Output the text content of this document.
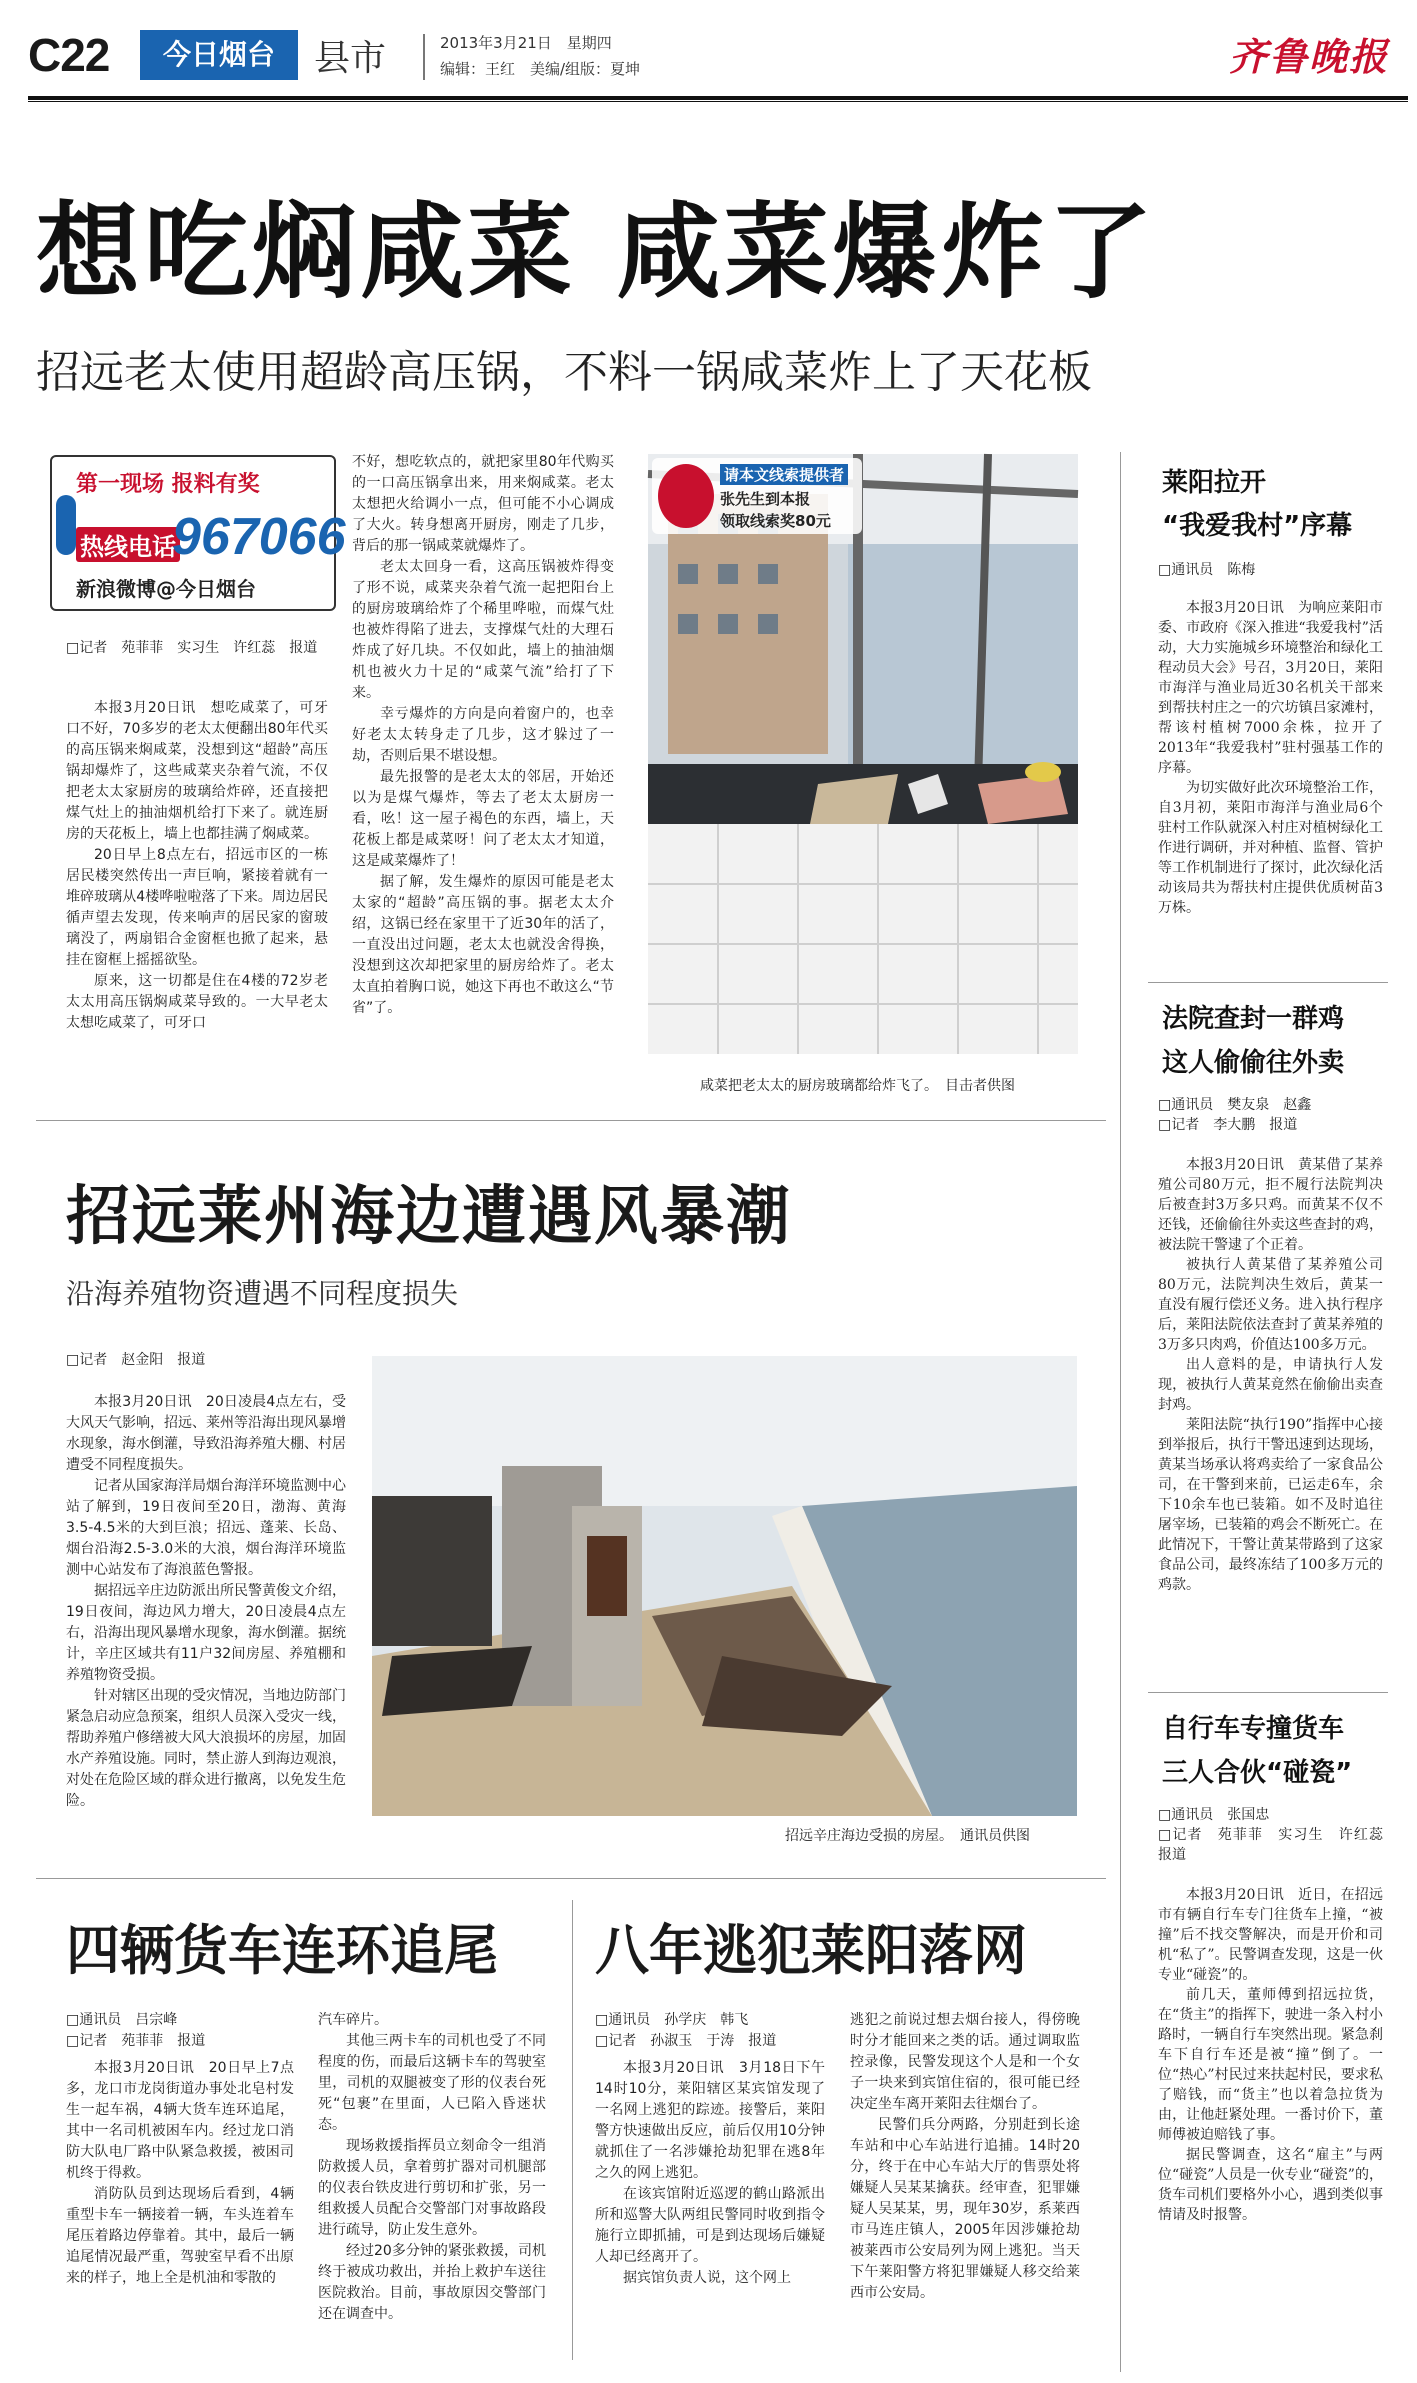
C22	今日烟台	县市	2013年3月21日　星期四
编辑：王红　美编/组版：夏坤	齐鲁晚报
想吃焖咸菜 咸菜爆炸了
招远老太使用超龄高压锅，不料一锅咸菜炸上了天花板
第一现场 报料有奖
热线电话
967066
新浪微博@今日烟台
□记者　苑菲菲　实习生　许红蕊　报道

本报3月20日讯　想吃咸菜了，可牙口不好，70多岁的老太太便翻出80年代买的高压锅来焖咸菜，没想到这“超龄”高压锅却爆炸了，这些咸菜夹杂着气流，不仅把老太太家厨房的玻璃给炸碎，还直接把煤气灶上的抽油烟机给打下来了。就连厨房的天花板上，墙上也都挂满了焖咸菜。

20日早上8点左右，招远市区的一栋居民楼突然传出一声巨响，紧接着就有一堆碎玻璃从4楼哗啦啦落了下来。周边居民循声望去发现，传来响声的居民家的窗玻璃没了，两扇铝合金窗框也掀了起来，悬挂在窗框上摇摇欲坠。

原来，这一切都是住在4楼的72岁老太太用高压锅焖咸菜导致的。一大早老太太想吃咸菜了，可牙口

不好，想吃软点的，就把家里80年代购买的一口高压锅拿出来，用来焖咸菜。老太太想把火给调小一点，但可能不小心调成了大火。转身想离开厨房，刚走了几步，背后的那一锅咸菜就爆炸了。

老太太回身一看，这高压锅被炸得变了形不说，咸菜夹杂着气流一起把阳台上的厨房玻璃给炸了个稀里哗啦，而煤气灶也被炸得陷了进去，支撑煤气灶的大理石炸成了好几块。不仅如此，墙上的抽油烟机也被火力十足的“咸菜气流”给打了下来。

幸亏爆炸的方向是向着窗户的，也幸好老太太转身走了几步，这才躲过了一劫，否则后果不堪设想。

最先报警的是老太太的邻居，开始还以为是煤气爆炸，等去了老太太厨房一看，吆！这一屋子褐色的东西，墙上，天花板上都是咸菜呀！问了老太太才知道，这是咸菜爆炸了！

据了解，发生爆炸的原因可能是老太太家的“超龄”高压锅的事。据老太太介绍，这锅已经在家里干了近30年的活了，一直没出过问题，老太太也就没舍得换，没想到这次却把家里的厨房给炸了。老太太直拍着胸口说，她这下再也不敢这么“节省”了。

请本文线索提供者
张先生到本报
领取线索奖80元
咸菜把老太太的厨房玻璃都给炸飞了。　目击者供图
招远莱州海边遭遇风暴潮
沿海养殖物资遭遇不同程度损失
□记者　赵金阳　报道

本报3月20日讯　20日凌晨4点左右，受大风天气影响，招远、莱州等沿海出现风暴增水现象，海水倒灌，导致沿海养殖大棚、村居遭受不同程度损失。

记者从国家海洋局烟台海洋环境监测中心站了解到，19日夜间至20日，渤海、黄海3.5-4.5米的大到巨浪；招远、蓬莱、长岛、烟台沿海2.5-3.0米的大浪，烟台海洋环境监测中心站发布了海浪蓝色警报。

据招远辛庄边防派出所民警黄俊文介绍，19日夜间，海边风力增大，20日凌晨4点左右，沿海出现风暴增水现象，海水倒灌。据统计，辛庄区域共有11户32间房屋、养殖棚和养殖物资受损。

针对辖区出现的受灾情况，当地边防部门紧急启动应急预案，组织人员深入受灾一线，帮助养殖户修缮被大风大浪损坏的房屋，加固水产养殖设施。同时，禁止游人到海边观浪，对处在危险区域的群众进行撤离，以免发生危险。

招远辛庄海边受损的房屋。　通讯员供图
四辆货车连环追尾
□通讯员　吕宗峰
□记者　苑菲菲　报道

本报3月20日讯　20日早上7点多，龙口市龙岗街道办事处北皂村发生一起车祸，4辆大货车连环追尾，其中一名司机被困车内。经过龙口消防大队电厂路中队紧急救援，被困司机终于得救。

消防队员到达现场后看到，4辆重型卡车一辆接着一辆，车头连着车尾压着路边停靠着。其中，最后一辆追尾情况最严重，驾驶室早看不出原来的样子，地上全是机油和零散的

汽车碎片。

其他三两卡车的司机也受了不同程度的伤，而最后这辆卡车的驾驶室里，司机的双腿被变了形的仪表台死死“包裹”在里面，人已陷入昏迷状态。

现场救援指挥员立刻命令一组消防救援人员，拿着剪扩器对司机腿部的仪表台铁皮进行剪切和扩张，另一组救援人员配合交警部门对事故路段进行疏导，防止发生意外。

经过20多分钟的紧张救援，司机终于被成功救出，并抬上救护车送往医院救治。目前，事故原因交警部门还在调查中。

八年逃犯莱阳落网
□通讯员　孙学庆　韩飞
□记者　孙淑玉　于涛　报道

本报3月20日讯　3月18日下午14时10分，莱阳辖区某宾馆发现了一名网上逃犯的踪迹。接警后，莱阳警方快速做出反应，前后仅用10分钟就抓住了一名涉嫌抢劫犯罪在逃8年之久的网上逃犯。

在该宾馆附近巡逻的鹤山路派出所和巡警大队两组民警同时收到指令施行立即抓捕，可是到达现场后嫌疑人却已经离开了。

据宾馆负责人说，这个网上

逃犯之前说过想去烟台接人，得傍晚时分才能回来之类的话。通过调取监控录像，民警发现这个人是和一个女子一块来到宾馆住宿的，很可能已经决定坐车离开莱阳去往烟台了。

民警们兵分两路，分别赶到长途车站和中心车站进行追捕。14时20分，终于在中心车站大厅的售票处将嫌疑人吴某某擒获。经审查，犯罪嫌疑人吴某某，男，现年30岁，系莱西市马连庄镇人，2005年因涉嫌抢劫被莱西市公安局列为网上逃犯。当天下午莱阳警方将犯罪嫌疑人移交给莱西市公安局。

莱阳拉开
“我爱我村”序幕
□通讯员　陈梅

本报3月20日讯　为响应莱阳市委、市政府《深入推进“我爱我村”活动，大力实施城乡环境整治和绿化工程动员大会》号召，3月20日，莱阳市海洋与渔业局近30名机关干部来到帮扶村庄之一的穴坊镇吕家滩村，帮该村植树7000余株，拉开了2013年“我爱我村”驻村强基工作的序幕。

为切实做好此次环境整治工作，自3月初，莱阳市海洋与渔业局6个驻村工作队就深入村庄对植树绿化工作进行调研，并对种植、监督、管护等工作机制进行了探讨，此次绿化活动该局共为帮扶村庄提供优质树苗3万株。

法院查封一群鸡
这人偷偷往外卖
□通讯员　樊友泉　赵鑫
□记者　李大鹏　报道

本报3月20日讯　黄某借了某养殖公司80万元，拒不履行法院判决后被查封3万多只鸡。而黄某不仅不还钱，还偷偷往外卖这些查封的鸡，被法院干警逮了个正着。

被执行人黄某借了某养殖公司80万元，法院判决生效后，黄某一直没有履行偿还义务。进入执行程序后，莱阳法院依法查封了黄某养殖的3万多只肉鸡，价值达100多万元。

出人意料的是，申请执行人发现，被执行人黄某竟然在偷偷出卖查封鸡。

莱阳法院“执行190”指挥中心接到举报后，执行干警迅速到达现场，黄某当场承认将鸡卖给了一家食品公司，在干警到来前，已运走6车，余下10余车也已装箱。如不及时追往屠宰场，已装箱的鸡会不断死亡。在此情况下，干警让黄某带路到了这家食品公司，最终冻结了100多万元的鸡款。

自行车专撞货车
三人合伙“碰瓷”
□通讯员　张国忠
□记者　苑菲菲　实习生　许红蕊　报道

本报3月20日讯　近日，在招远市有辆自行车专门往货车上撞，“被撞”后不找交警解决，而是开价和司机“私了”。民警调查发现，这是一伙专业“碰瓷”的。

前几天，董师傅到招远拉货，在“货主”的指挥下，驶进一条入村小路时，一辆自行车突然出现。紧急刹车下自行车还是被“撞”倒了。一位“热心”村民过来扶起村民，要求私了赔钱，而“货主”也以着急拉货为由，让他赶紧处理。一番讨价下，董师傅被迫赔钱了事。

据民警调查，这名“雇主”与两位“碰瓷”人员是一伙专业“碰瓷”的，货车司机们要格外小心，遇到类似事情请及时报警。
